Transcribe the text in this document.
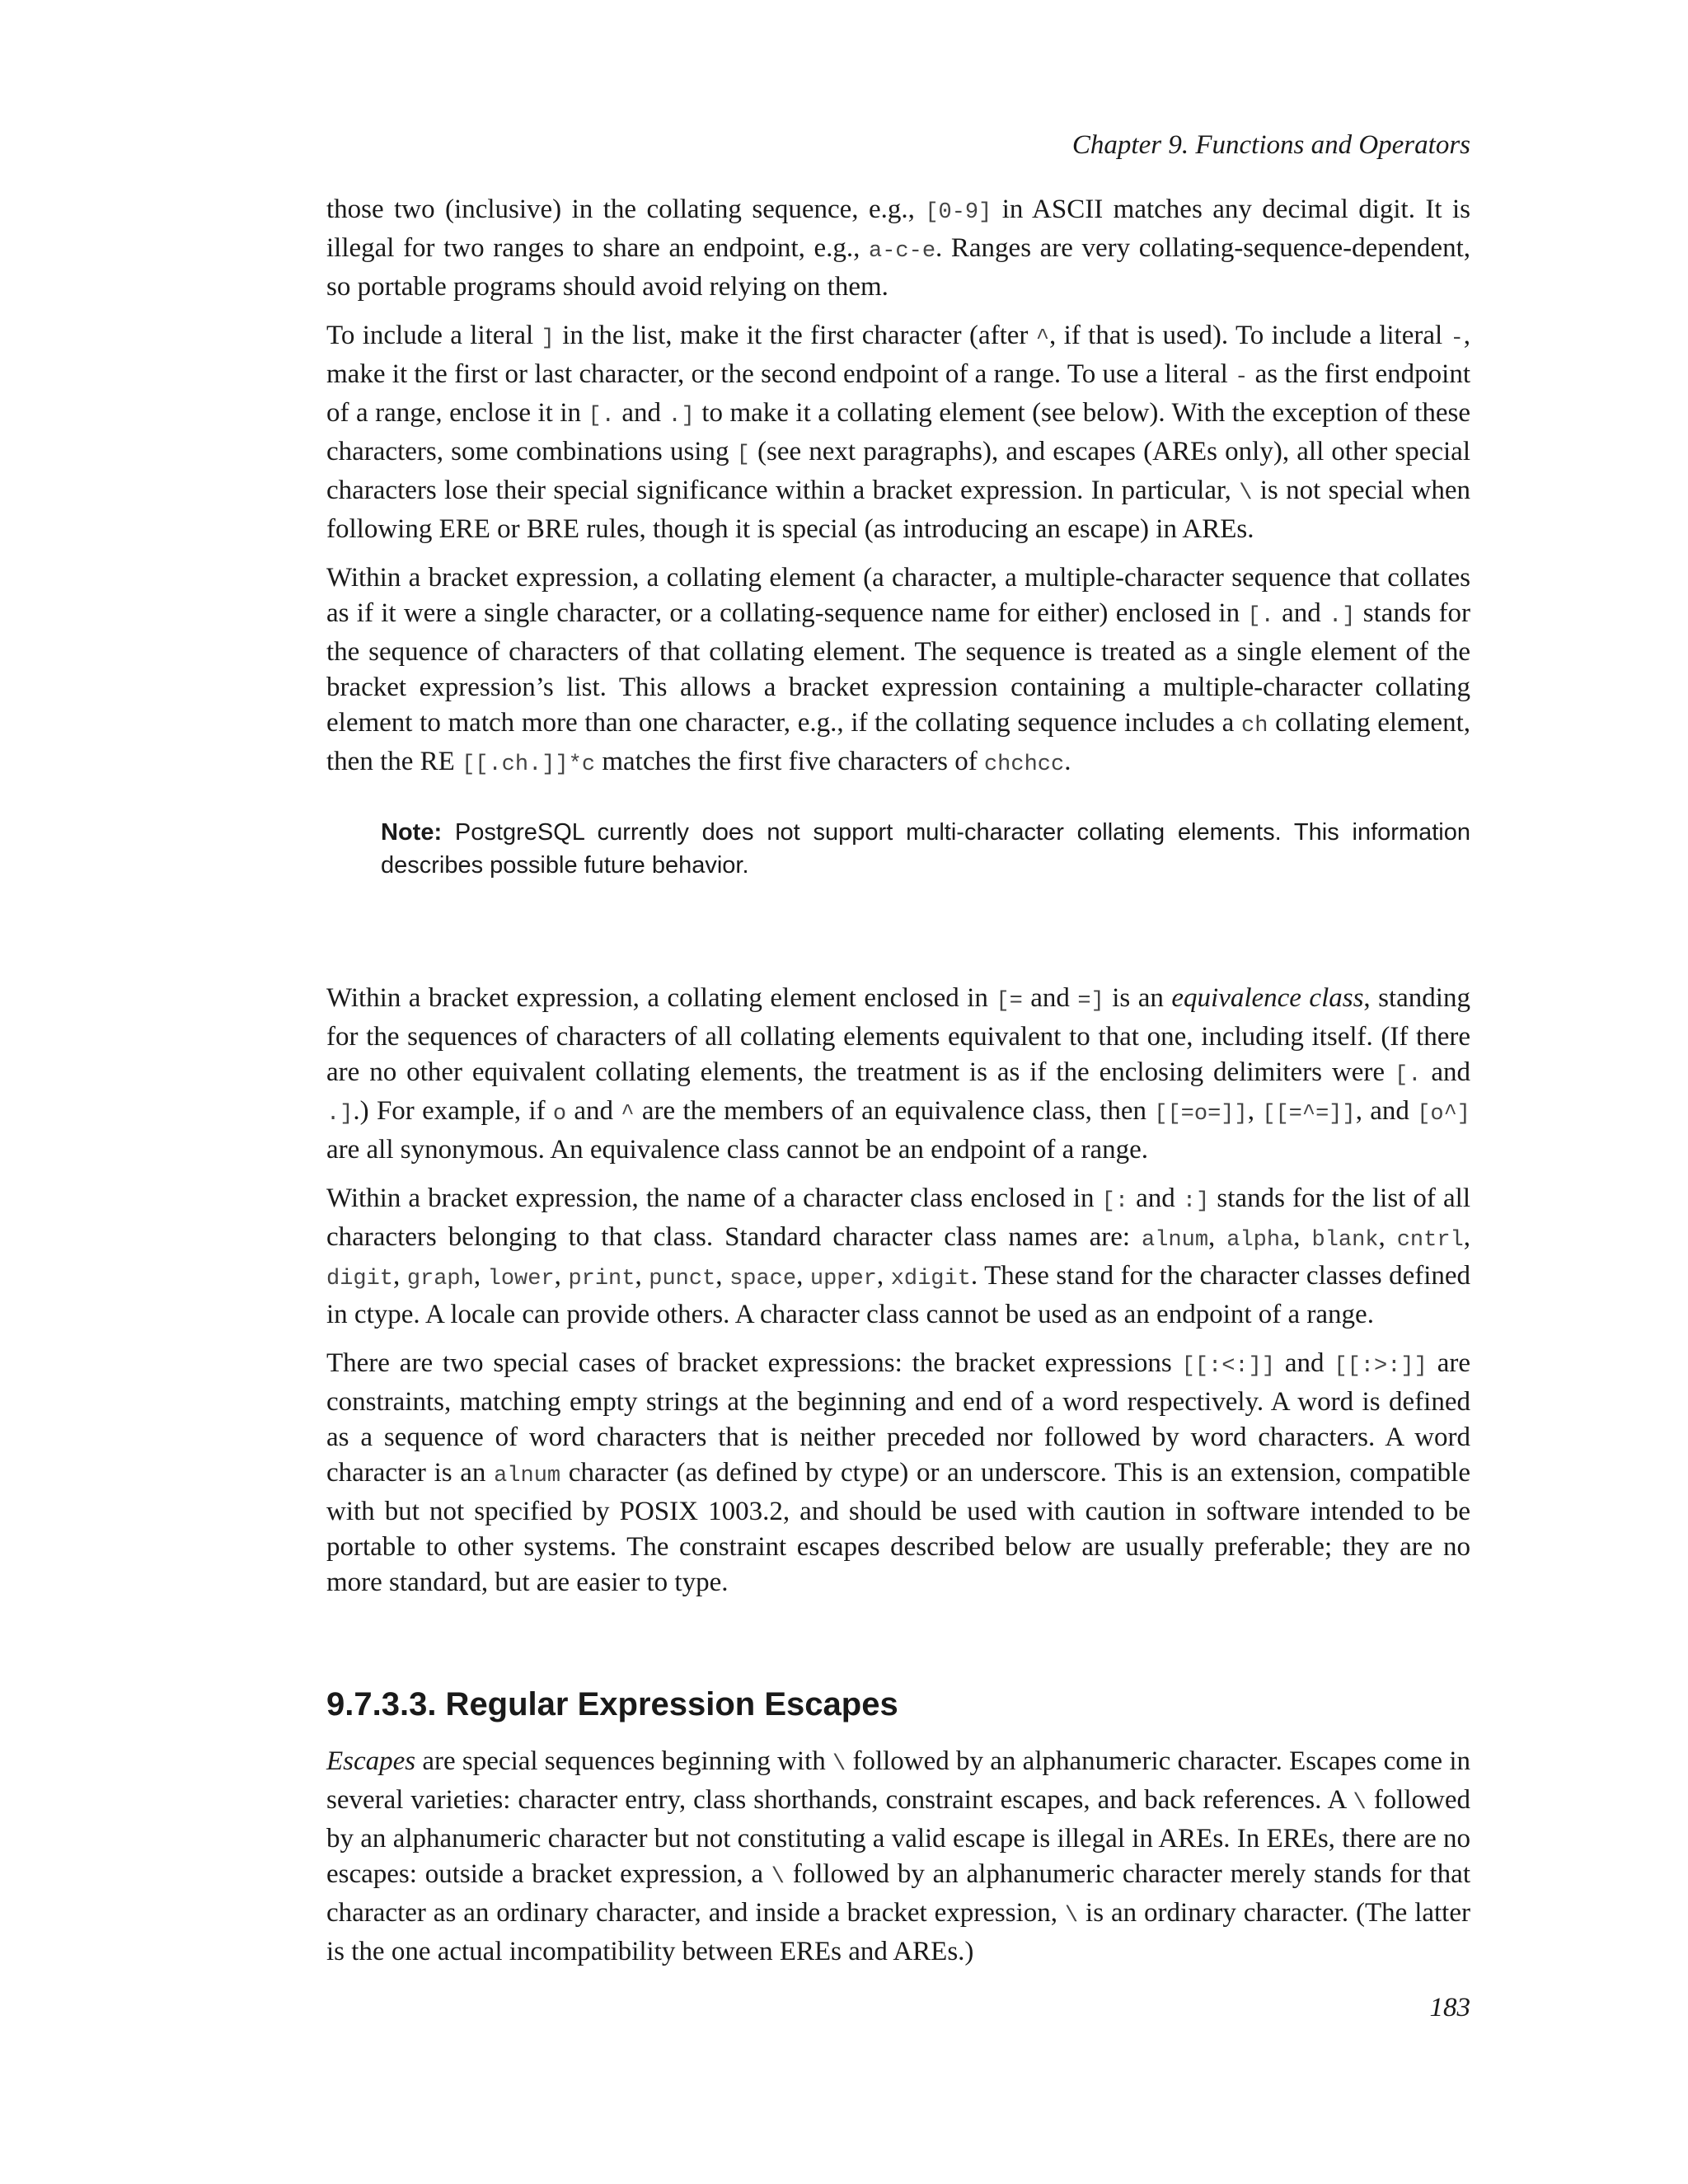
Chapter 9. Functions and Operators

those two (inclusive) in the collating sequence, e.g., [0-9] in ASCII matches any decimal digit. It is illegal for two ranges to share an endpoint, e.g., a-c-e. Ranges are very collating-sequence-dependent, so portable programs should avoid relying on them.

To include a literal ] in the list, make it the first character (after ^, if that is used). To include a literal -, make it the first or last character, or the second endpoint of a range. To use a literal - as the first endpoint of a range, enclose it in [. and .] to make it a collating element (see below). With the exception of these characters, some combinations using [ (see next paragraphs), and escapes (AREs only), all other special characters lose their special significance within a bracket expression. In particular, \ is not special when following ERE or BRE rules, though it is special (as introducing an escape) in AREs.

Within a bracket expression, a collating element (a character, a multiple-character sequence that collates as if it were a single character, or a collating-sequence name for either) enclosed in [. and .] stands for the sequence of characters of that collating element. The sequence is treated as a single element of the bracket expression’s list. This allows a bracket expression containing a multiple-character collating element to match more than one character, e.g., if the collating sequence includes a ch collating element, then the RE [[.ch.]]*c matches the first five characters of chchcc.

Note: PostgreSQL currently does not support multi-character collating elements. This information describes possible future behavior.

Within a bracket expression, a collating element enclosed in [= and =] is an equivalence class, standing for the sequences of characters of all collating elements equivalent to that one, including itself. (If there are no other equivalent collating elements, the treatment is as if the enclosing delimiters were [. and .].) For example, if o and ^ are the members of an equivalence class, then [[=o=]], [[=^=]], and [o^] are all synonymous. An equivalence class cannot be an endpoint of a range.

Within a bracket expression, the name of a character class enclosed in [: and :] stands for the list of all characters belonging to that class. Standard character class names are: alnum, alpha, blank, cntrl, digit, graph, lower, print, punct, space, upper, xdigit. These stand for the character classes defined in ctype. A locale can provide others. A character class cannot be used as an endpoint of a range.

There are two special cases of bracket expressions: the bracket expressions [[:<:]] and [[:>:]] are constraints, matching empty strings at the beginning and end of a word respectively. A word is defined as a sequence of word characters that is neither preceded nor followed by word characters. A word character is an alnum character (as defined by ctype) or an underscore. This is an extension, compatible with but not specified by POSIX 1003.2, and should be used with caution in software intended to be portable to other systems. The constraint escapes described below are usually preferable; they are no more standard, but are easier to type.

9.7.3.3. Regular Expression Escapes

Escapes are special sequences beginning with \ followed by an alphanumeric character. Escapes come in several varieties: character entry, class shorthands, constraint escapes, and back references. A \ followed by an alphanumeric character but not constituting a valid escape is illegal in AREs. In EREs, there are no escapes: outside a bracket expression, a \ followed by an alphanumeric character merely stands for that character as an ordinary character, and inside a bracket expression, \ is an ordinary character. (The latter is the one actual incompatibility between EREs and AREs.)

183
